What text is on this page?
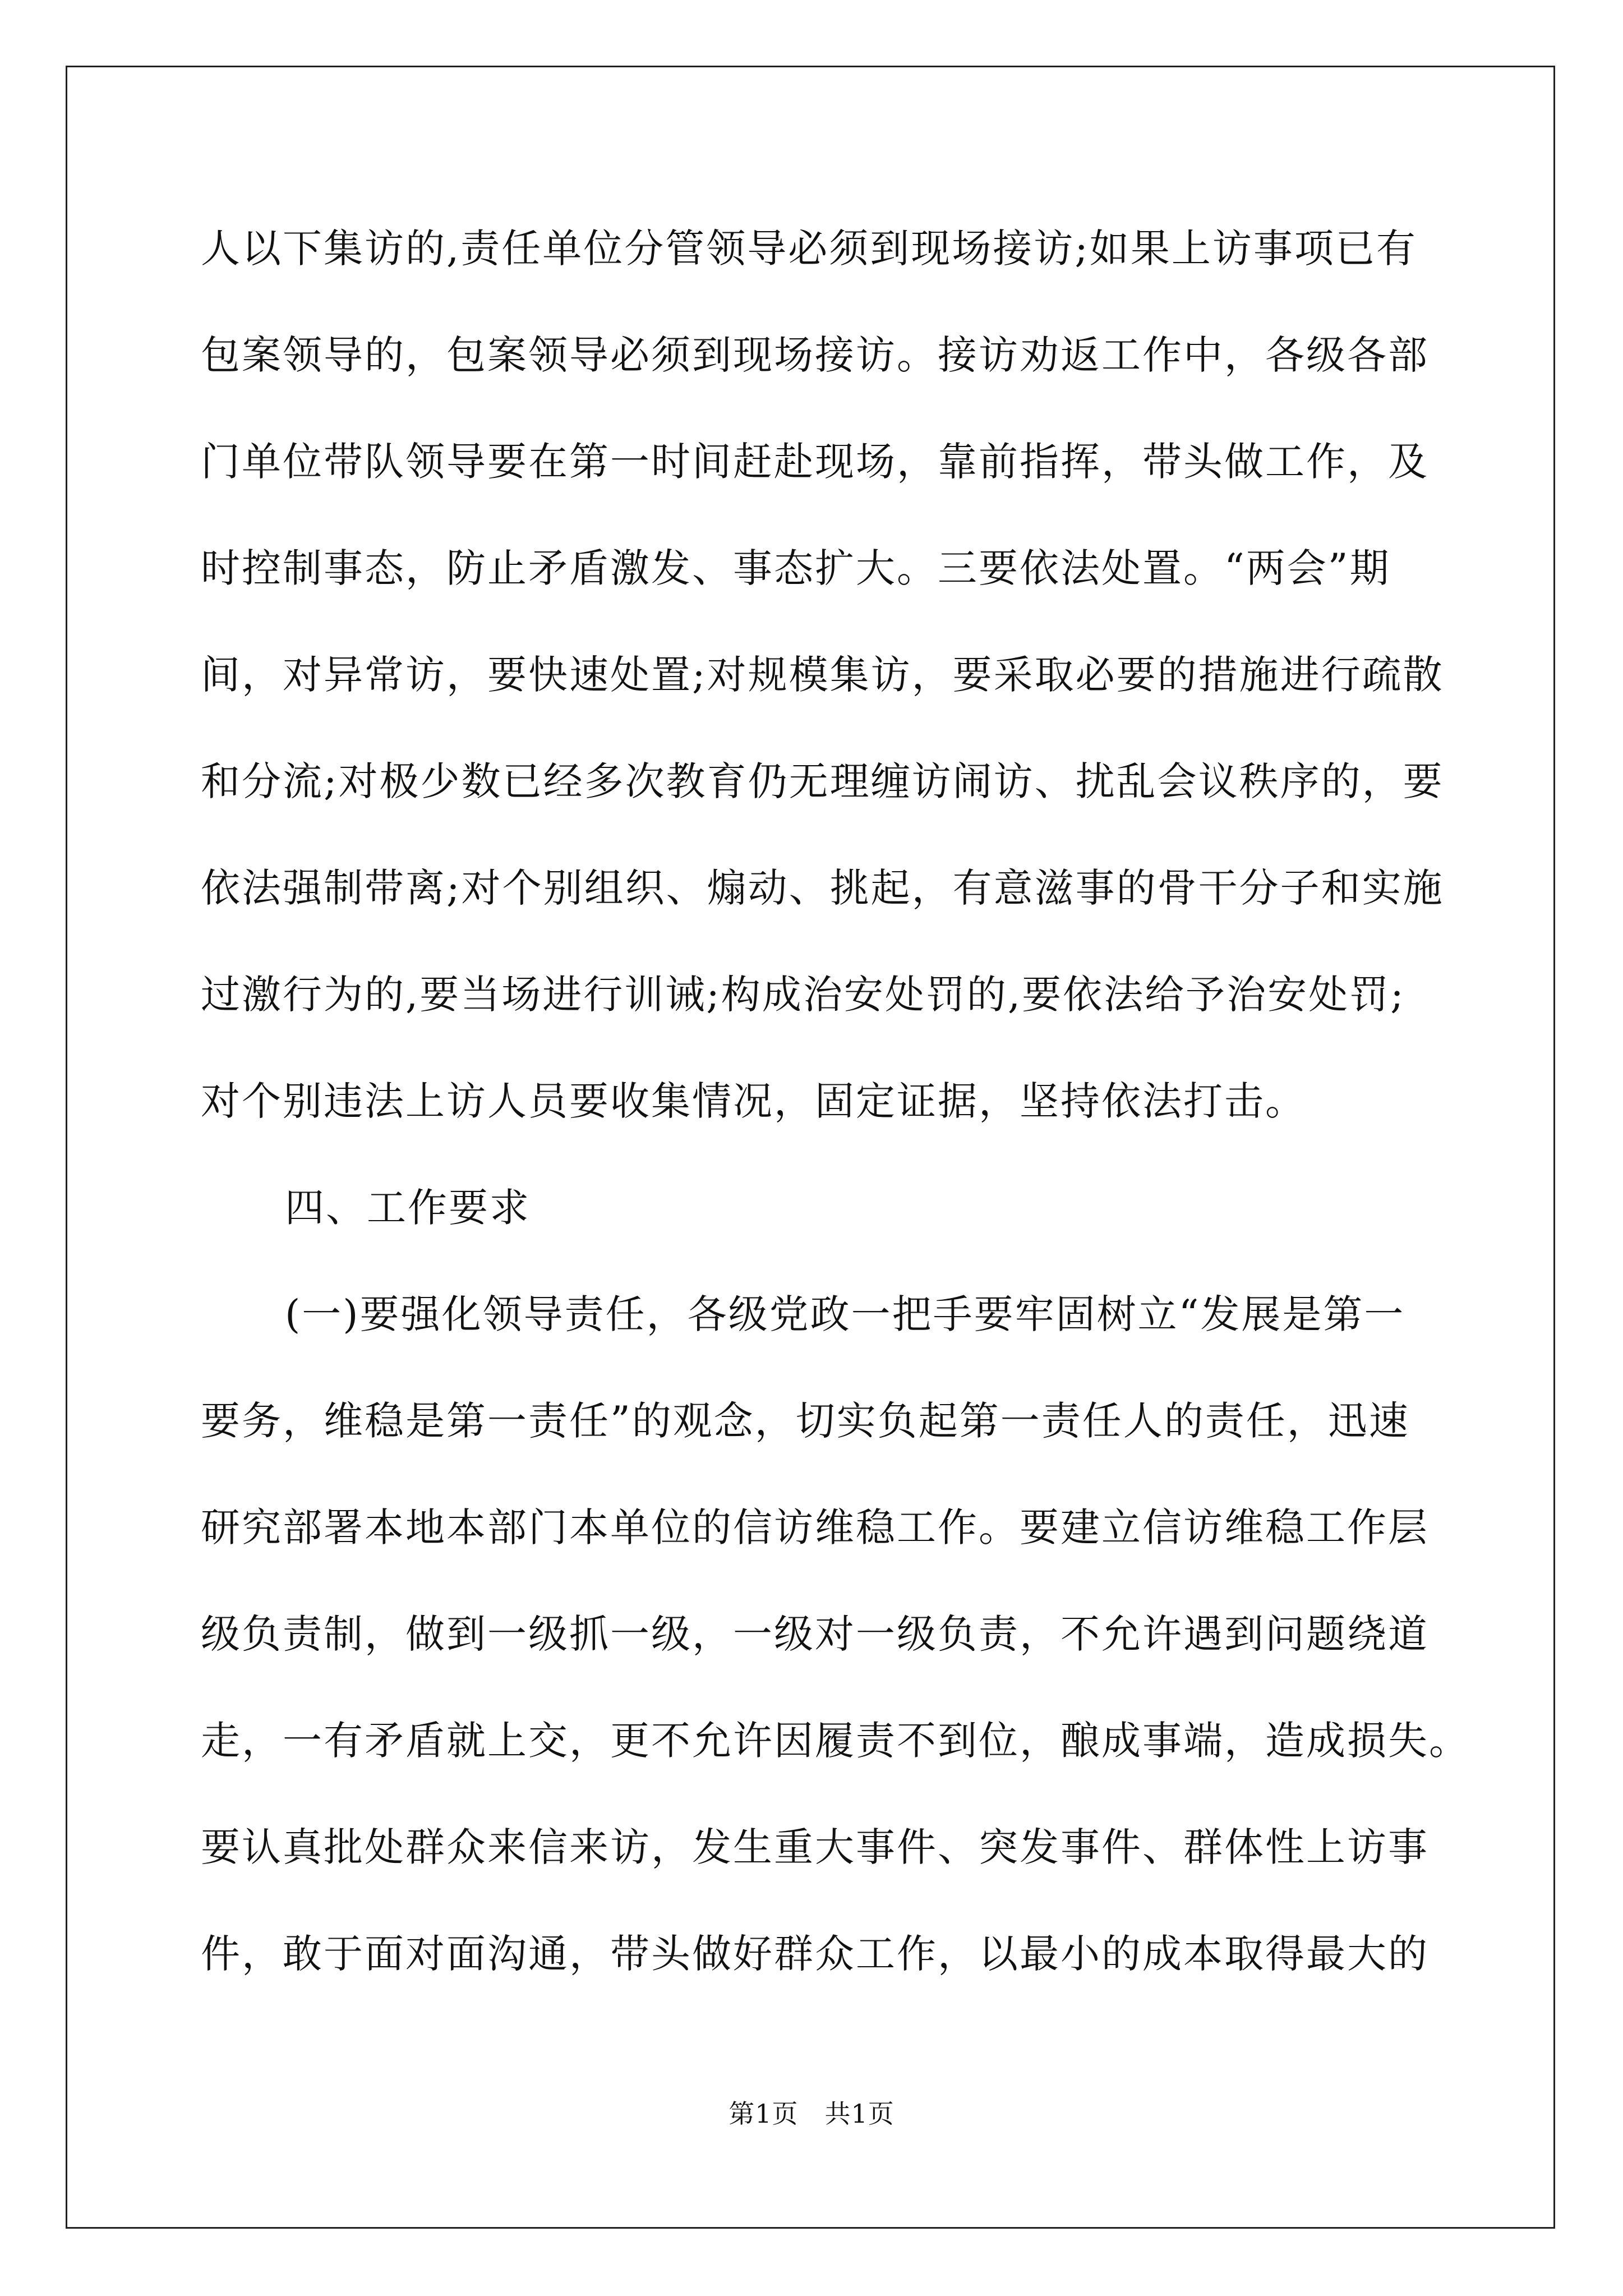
人以下集访的,责任单位分管领导必须到现场接访;如果上访事项已有
包案领导的，包案领导必须到现场接访。接访劝返工作中，各级各部
门单位带队领导要在第一时间赶赴现场，靠前指挥，带头做工作，及
时控制事态，防止矛盾激发、事态扩大。三要依法处置。“两会”期
间，对异常访，要快速处置;对规模集访，要采取必要的措施进行疏散
和分流;对极少数已经多次教育仍无理缠访闹访、扰乱会议秩序的，要
依法强制带离;对个别组织、煽动、挑起，有意滋事的骨干分子和实施
过激行为的,要当场进行训诫;构成治安处罚的,要依法给予治安处罚;
对个别违法上访人员要收集情况，固定证据，坚持依法打击。
四、工作要求
(一)要强化领导责任，各级党政一把手要牢固树立“发展是第一
要务，维稳是第一责任”的观念，切实负起第一责任人的责任，迅速
研究部署本地本部门本单位的信访维稳工作。要建立信访维稳工作层
级负责制，做到一级抓一级，一级对一级负责，不允许遇到问题绕道
走，一有矛盾就上交，更不允许因履责不到位，酿成事端，造成损失。
要认真批处群众来信来访，发生重大事件、突发事件、群体性上访事
件，敢于面对面沟通，带头做好群众工作，以最小的成本取得最大的
第1页　共1页
